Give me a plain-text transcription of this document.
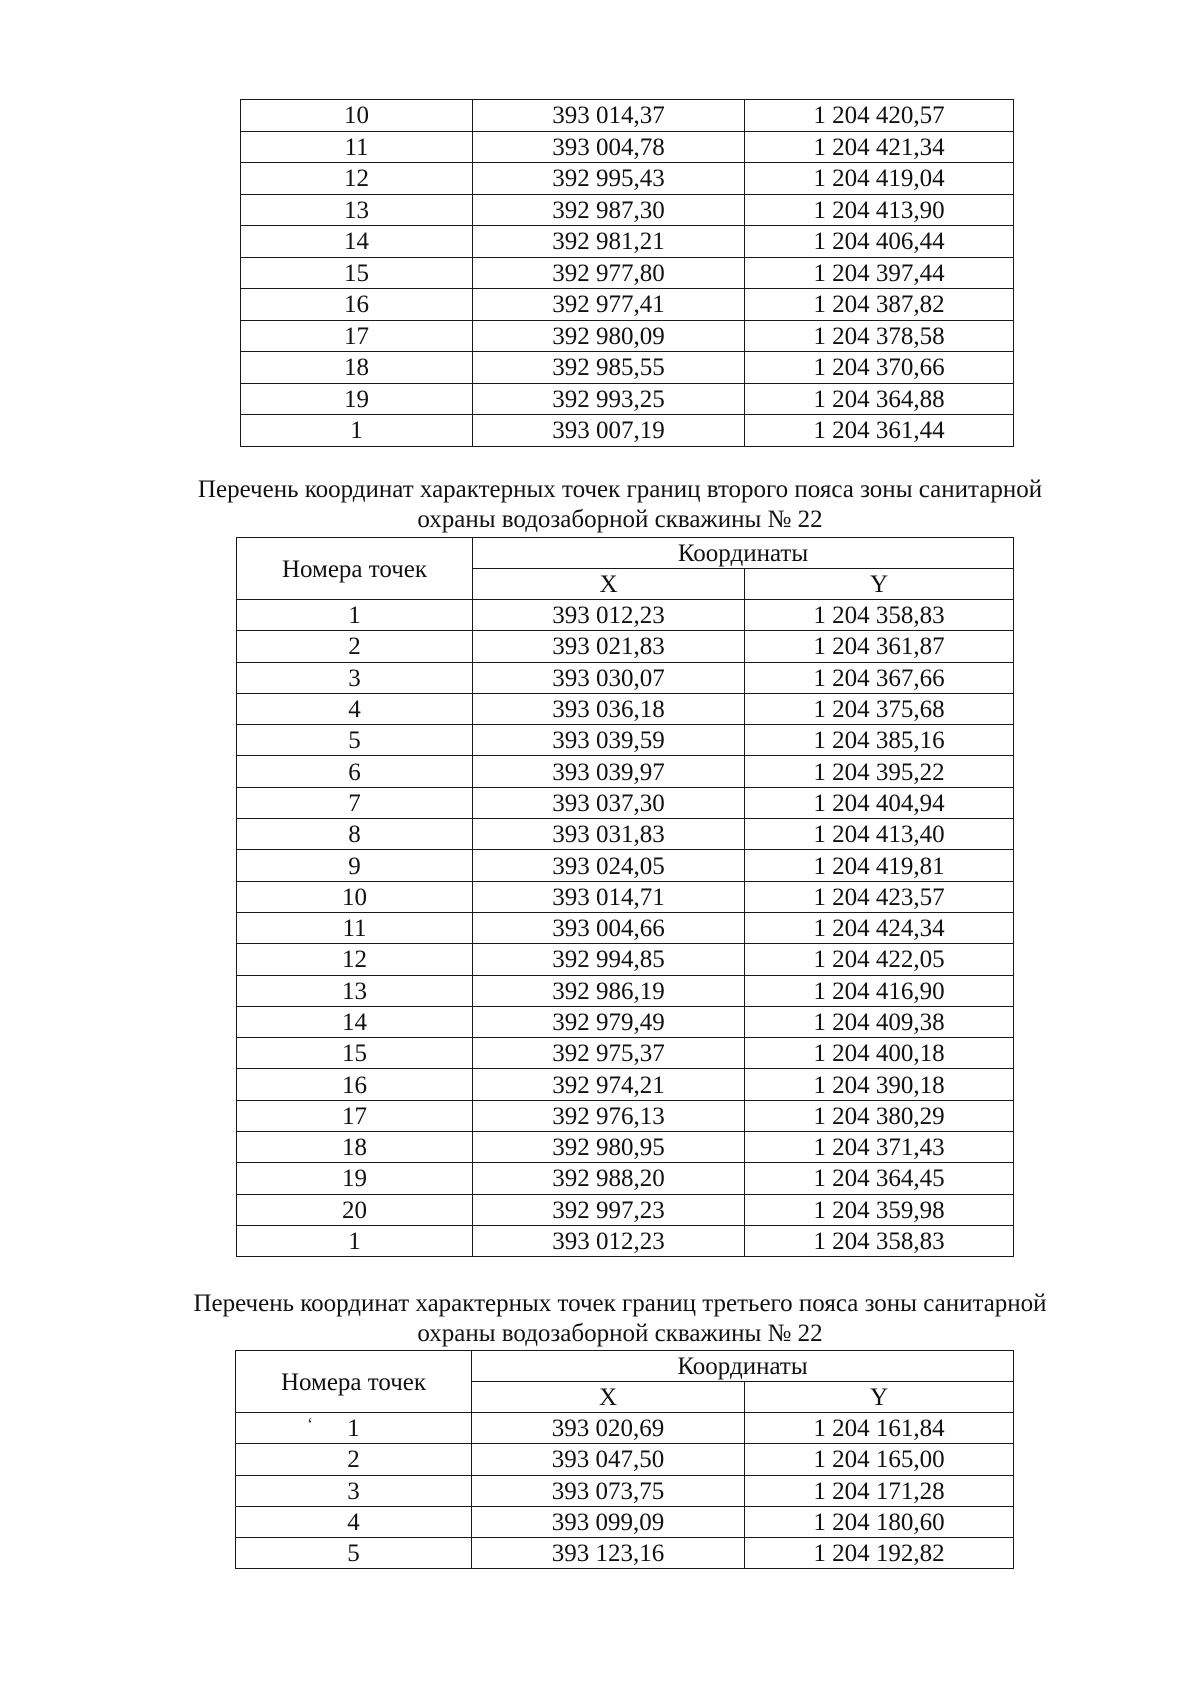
10	393 014,37	1 204 420,57

11	393 004,78	1 204 421,34

12	392 995,43	1 204 419,04

13	392 987,30	1 204 413,90

14	392 981,21	1 204 406,44

15	392 977,80	1 204 397,44

16	392 977,41	1 204 387,82

17	392 980,09	1 204 378,58

18	392 985,55	1 204 370,66

19	392 993,25	1 204 364,88

1	393 007,19	1 204 361,44
Перечень координат характерных точек границ второго пояса зоны санитарной
охраны водозаборной скважины № 22
Номера точек	Координаты	

	X	Y

1	393 012,23	1 204 358,83

2	393 021,83	1 204 361,87

3	393 030,07	1 204 367,66

4	393 036,18	1 204 375,68

5	393 039,59	1 204 385,16

6	393 039,97	1 204 395,22

7	393 037,30	1 204 404,94

8	393 031,83	1 204 413,40

9	393 024,05	1 204 419,81

10	393 014,71	1 204 423,57

11	393 004,66	1 204 424,34

12	392 994,85	1 204 422,05

13	392 986,19	1 204 416,90

14	392 979,49	1 204 409,38

15	392 975,37	1 204 400,18

16	392 974,21	1 204 390,18

17	392 976,13	1 204 380,29

18	392 980,95	1 204 371,43

19	392 988,20	1 204 364,45

20	392 997,23	1 204 359,98

1	393 012,23	1 204 358,83
Перечень координат характерных точек границ третьего пояса зоны санитарной
охраны водозаборной скважины № 22
Номера точек	Координаты	

	X	Y

1	393 020,69	1 204 161,84

2	393 047,50	1 204 165,00

3	393 073,75	1 204 171,28

4	393 099,09	1 204 180,60

5	393 123,16	1 204 192,82
‘
